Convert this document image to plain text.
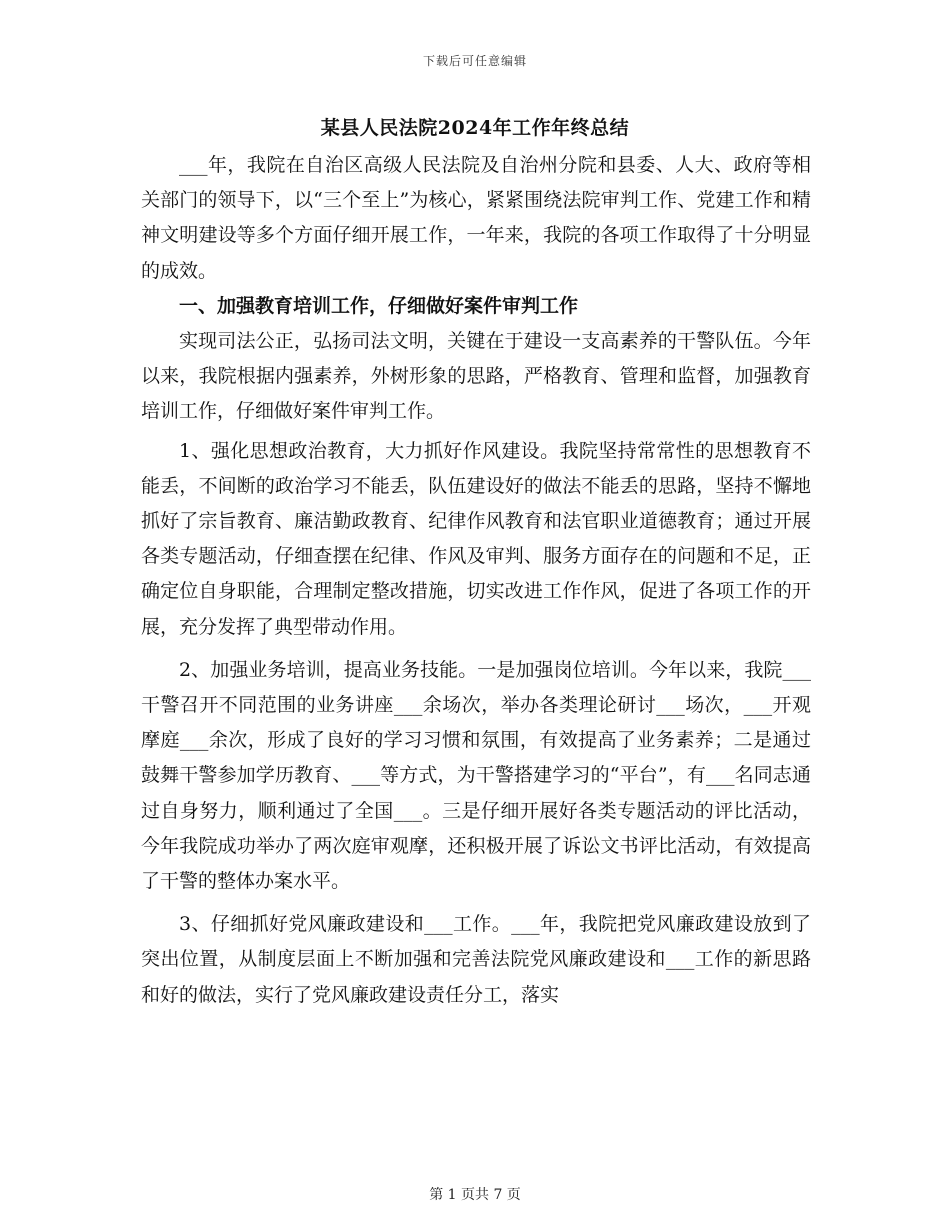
下载后可任意编辑
某县人民法院2024年工作年终总结

___年，我院在自治区高级人民法院及自治州分院和县委、人大、政府等相关部门的领导下，以“三个至上”为核心，紧紧围绕法院审判工作、党建工作和精神文明建设等多个方面仔细开展工作，一年来，我院的各项工作取得了十分明显的成效。

一、加强教育培训工作，仔细做好案件审判工作

实现司法公正，弘扬司法文明，关键在于建设一支高素养的干警队伍。今年以来，我院根据内强素养，外树形象的思路，严格教育、管理和监督，加强教育培训工作，仔细做好案件审判工作。

1、强化思想政治教育，大力抓好作风建设。我院坚持常常性的思想教育不能丢，不间断的政治学习不能丢，队伍建设好的做法不能丢的思路，坚持不懈地抓好了宗旨教育、廉洁勤政教育、纪律作风教育和法官职业道德教育；通过开展各类专题活动，仔细查摆在纪律、作风及审判、服务方面存在的问题和不足，正确定位自身职能，合理制定整改措施，切实改进工作作风，促进了各项工作的开展，充分发挥了典型带动作用。

2、加强业务培训，提高业务技能。一是加强岗位培训。今年以来，我院___干警召开不同范围的业务讲座___余场次，举办各类理论研讨___场次，___开观摩庭___余次，形成了良好的学习习惯和氛围，有效提高了业务素养；二是通过鼓舞干警参加学历教育、___等方式，为干警搭建学习的“平台”，有___名同志通过自身努力，顺利通过了全国___。三是仔细开展好各类专题活动的评比活动，今年我院成功举办了两次庭审观摩，还积极开展了诉讼文书评比活动，有效提高了干警的整体办案水平。

3、仔细抓好党风廉政建设和___工作。___年，我院把党风廉政建设放到了突出位置，从制度层面上不断加强和完善法院党风廉政建设和___工作的新思路和好的做法，实行了党风廉政建设责任分工，落实

第 1 页共 7 页
